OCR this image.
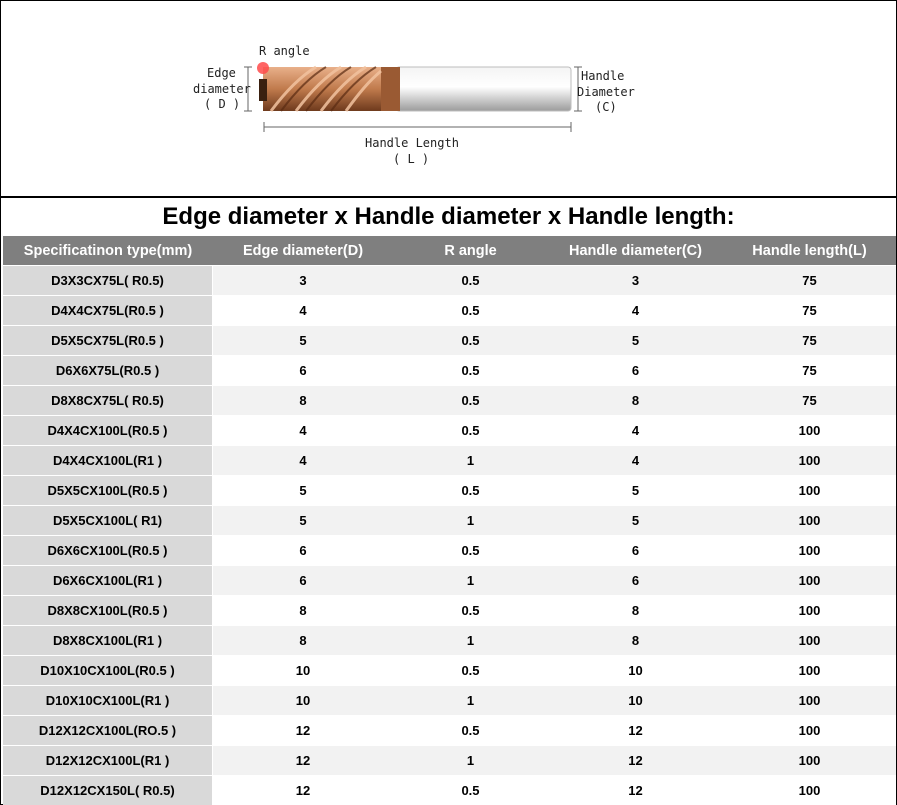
R angle
Edge
diameter
( D )
Handle
Diameter
(C)
Handle Length
( L )
Edge diameter x Handle diameter x Handle length:
Specificatinon type(mm)	Edge diameter(D)	R angle	Handle diameter(C)	Handle length(L)
D3X3CX75L( R0.5)	3	0.5	3	75
D4X4CX75L(R0.5 )	4	0.5	4	75
D5X5CX75L(R0.5 )	5	0.5	5	75
D6X6X75L(R0.5 )	6	0.5	6	75
D8X8CX75L( R0.5)	8	0.5	8	75
D4X4CX100L(R0.5 )	4	0.5	4	100
D4X4CX100L(R1 )	4	1	4	100
D5X5CX100L(R0.5 )	5	0.5	5	100
D5X5CX100L( R1)	5	1	5	100
D6X6CX100L(R0.5 )	6	0.5	6	100
D6X6CX100L(R1 )	6	1	6	100
D8X8CX100L(R0.5 )	8	0.5	8	100
D8X8CX100L(R1 )	8	1	8	100
D10X10CX100L(R0.5 )	10	0.5	10	100
D10X10CX100L(R1 )	10	1	10	100
D12X12CX100L(RO.5 )	12	0.5	12	100
D12X12CX100L(R1 )	12	1	12	100
D12X12CX150L( R0.5)	12	0.5	12	100
